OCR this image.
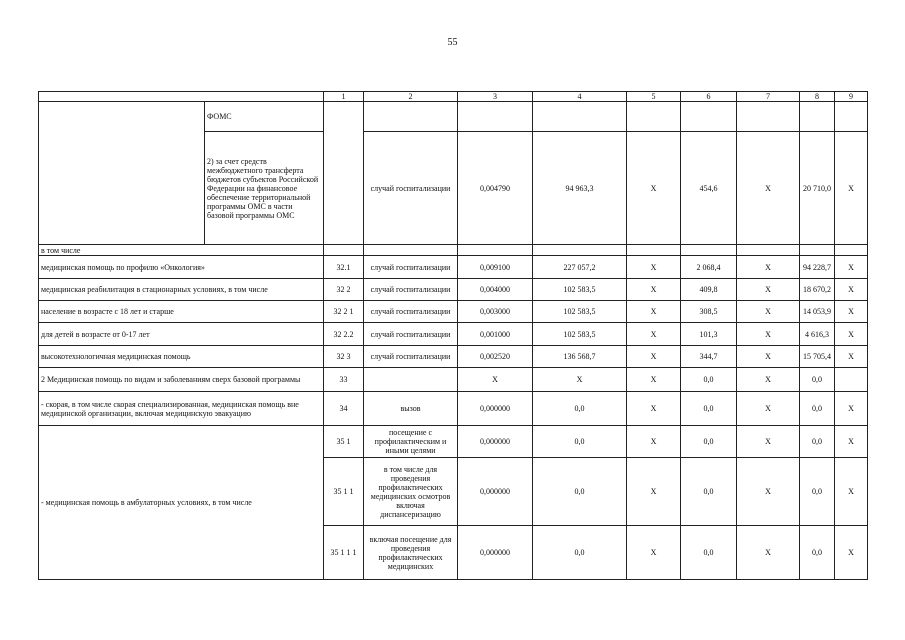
55
		1	2	3	4	5	6	7	8	9
	ФОМС									
	2) за счет средств межбюджетного трансферта бюджетов субъектов Российской Федерации на финансовое обеспечение территориальной программы ОМС в части базовой программы ОМС		случай госпитализации	0,004790	94 963,3	X	454,6	X	20 710,0	X
в том числе										
медицинская помощь по профилю «Онкология»		32.1	случай госпитализации	0,009100	227 057,2	X	2 068,4	X	94 228,7	X
медицинская реабилитация в стационарных условиях, в том числе		32 2	случай госпитализации	0,004000	102 583,5	X	409,8	X	18 670,2	X
население в возрасте с 18 лет и старше		32 2 1	случай госпитализации	0,003000	102 583,5	X	308,5	X	14 053,9	X
для детей в возрасте от 0-17 лет		32 2.2	случай госпитализации	0,001000	102 583,5	X	101,3	X	4 616,3	X
высокотехнологичная медицинская помощь		32 3	случай госпитализации	0,002520	136 568,7	X	344,7	X	15 705,4	X
2 Медицинская помощь по видам и заболеваниям сверх базовой программы		33		X	X	X	0,0	X	0,0	
- скорая, в том числе скорая специализированная, медицинская помощь вне медицинской организации, включая медицинскую эвакуацию		34	вызов	0,000000	0,0	X	0,0	X	0,0	X
- медицинская помощь в амбулаторных условиях, в том числе		35 1	посещение с профилактическим и иными целями	0,000000	0,0	X	0,0	X	0,0	X
		35 1 1	в том числе для проведения профилактических медицинских осмотров включая диспансеризацию	0,000000	0,0	X	0,0	X	0,0	X
		35 1 1 1	включая посещение для проведения профилактических медицинских	0,000000	0,0	X	0,0	X	0,0	X
